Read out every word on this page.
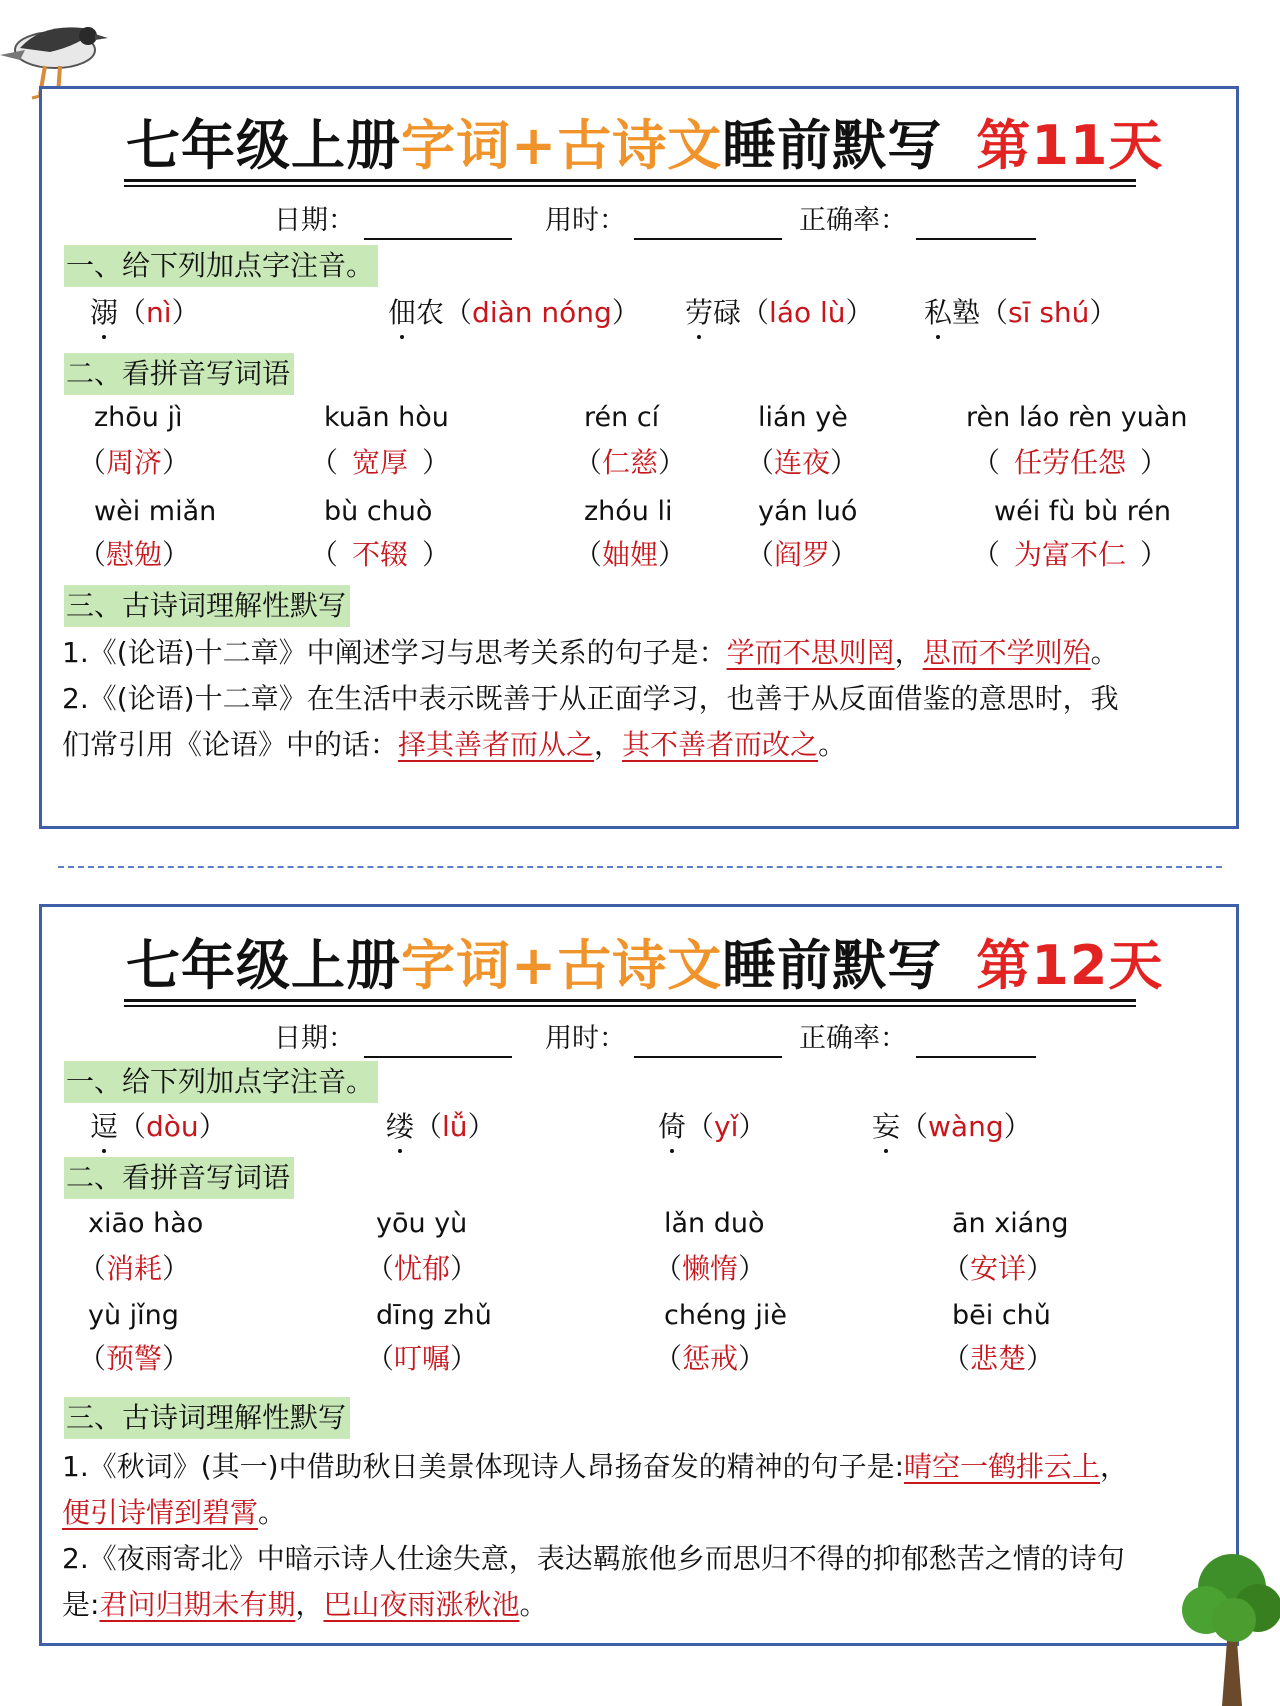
七年级上册字词+古诗文睡前默写 第11天
日期：	用时：	正确率：
一、给下列加点字注音。
溺（nì）	佃农（diàn nóng） 劳碌（láo lù） 私塾（sī shú）
二、看拼音写词语
zhōu jì	kuān hòu	rén cí	lián yè	rèn láo rèn yuàn
（周济）	（ 宽厚 ）	（仁慈） （连夜）	（ 任劳任怨 ）
wèi miǎn	bù chuò	zhóu li	yán luó	wéi fù bù rén
（慰勉）	（ 不辍 ）	（妯娌） （阎罗）	（ 为富不仁 ）
三、古诗词理解性默写
1.《(论语)十二章》中阐述学习与思考关系的句子是：学而不思则罔，思而不学则殆。
2.《(论语)十二章》在生活中表示既善于从正面学习，也善于从反面借鉴的意思时，我
们常引用《论语》中的话：择其善者而从之，其不善者而改之。
七年级上册字词+古诗文睡前默写 第12天
日期：	用时：	正确率：
一、给下列加点字注音。
逗（dòu）	缕（lǚ）	倚（yǐ）	妄（wàng）
二、看拼音写词语
xiāo hào	yōu yù	lǎn duò	ān xiáng
（消耗）	（忧郁）	（懒惰）	（安详）
yù jǐng	dīng zhǔ	chéng jiè	bēi chǔ
（预警）	（叮嘱）	（惩戒）	（悲楚）
三、古诗词理解性默写
1.《秋词》(其一)中借助秋日美景体现诗人昂扬奋发的精神的句子是:晴空一鹤排云上，
便引诗情到碧霄。
2.《夜雨寄北》中暗示诗人仕途失意，表达羁旅他乡而思归不得的抑郁愁苦之情的诗句
是:君问归期未有期，巴山夜雨涨秋池。
